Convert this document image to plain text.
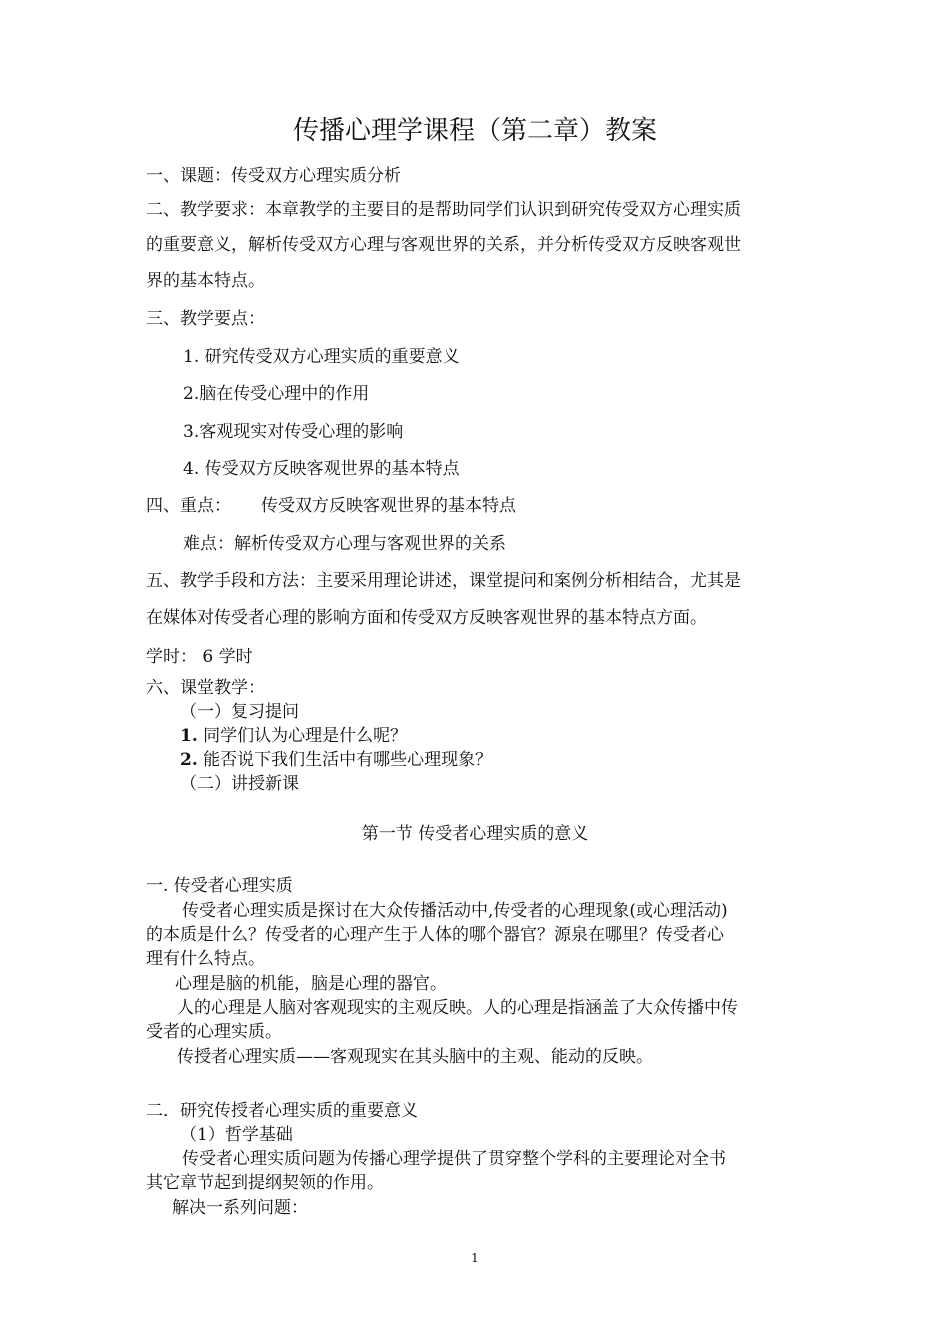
传播心理学课程（第二章）教案
一、课题：传受双方心理实质分析
二、教学要求：本章教学的主要目的是帮助同学们认识到研究传受双方心理实质
的重要意义，解析传受双方心理与客观世界的关系，并分析传受双方反映客观世
界的基本特点。
三、教学要点：
1. 研究传受双方心理实质的重要意义
2.脑在传受心理中的作用
3.客观现实对传受心理的影响
4. 传受双方反映客观世界的基本特点
四、重点： 传受双方反映客观世界的基本特点
难点：解析传受双方心理与客观世界的关系
五、教学手段和方法：主要采用理论讲述，课堂提问和案例分析相结合，尤其是
在媒体对传受者心理的影响方面和传受双方反映客观世界的基本特点方面。
学时： 6 学时
六、课堂教学：
（一）复习提问
1. 同学们认为心理是什么呢？
2. 能否说下我们生活中有哪些心理现象？
（二）讲授新课
第一节 传受者心理实质的意义
一. 传受者心理实质
传受者心理实质是探讨在大众传播活动中,传受者的心理现象(或心理活动)
的本质是什么？传受者的心理产生于人体的哪个器官？源泉在哪里？传受者心
理有什么特点。
心理是脑的机能，脑是心理的器官。
人的心理是人脑对客观现实的主观反映。人的心理是指涵盖了大众传播中传
受者的心理实质。
传授者心理实质——客观现实在其头脑中的主观、能动的反映。
二．研究传授者心理实质的重要意义
（1）哲学基础
传受者心理实质问题为传播心理学提供了贯穿整个学科的主要理论对全书
其它章节起到提纲契领的作用。
解决一系列问题：
1
